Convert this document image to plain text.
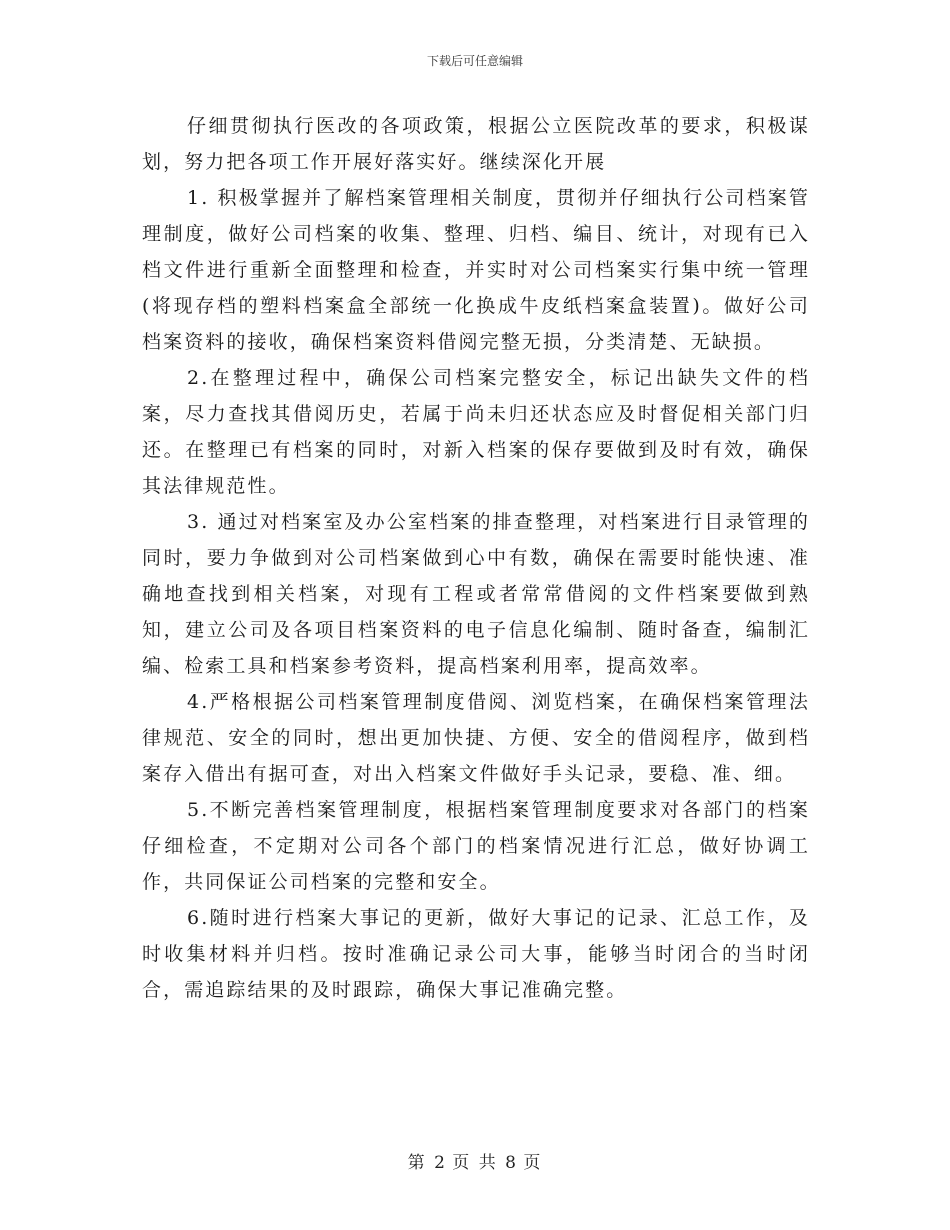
下载后可任意编辑

仔细贯彻执行医改的各项政策，根据公立医院改革的要求，积极谋划，努力把各项工作开展好落实好。继续深化开展

1. 积极掌握并了解档案管理相关制度，贯彻并仔细执行公司档案管理制度，做好公司档案的收集、整理、归档、编目、统计，对现有已入档文件进行重新全面整理和检查，并实时对公司档案实行集中统一管理(将现存档的塑料档案盒全部统一化换成牛皮纸档案盒装置)。做好公司档案资料的接收，确保档案资料借阅完整无损，分类清楚、无缺损。

2.在整理过程中，确保公司档案完整安全，标记出缺失文件的档案，尽力查找其借阅历史，若属于尚未归还状态应及时督促相关部门归还。在整理已有档案的同时，对新入档案的保存要做到及时有效，确保其法律规范性。

3. 通过对档案室及办公室档案的排查整理，对档案进行目录管理的同时，要力争做到对公司档案做到心中有数，确保在需要时能快速、准确地查找到相关档案，对现有工程或者常常借阅的文件档案要做到熟知，建立公司及各项目档案资料的电子信息化编制、随时备查，编制汇编、检索工具和档案参考资料，提高档案利用率，提高效率。

4.严格根据公司档案管理制度借阅、浏览档案，在确保档案管理法律规范、安全的同时，想出更加快捷、方便、安全的借阅程序，做到档案存入借出有据可查，对出入档案文件做好手头记录，要稳、准、细。

5.不断完善档案管理制度，根据档案管理制度要求对各部门的档案仔细检查，不定期对公司各个部门的档案情况进行汇总，做好协调工作，共同保证公司档案的完整和安全。

6.随时进行档案大事记的更新，做好大事记的记录、汇总工作，及时收集材料并归档。按时准确记录公司大事，能够当时闭合的当时闭合，需追踪结果的及时跟踪，确保大事记准确完整。

第 2 页 共 8 页
